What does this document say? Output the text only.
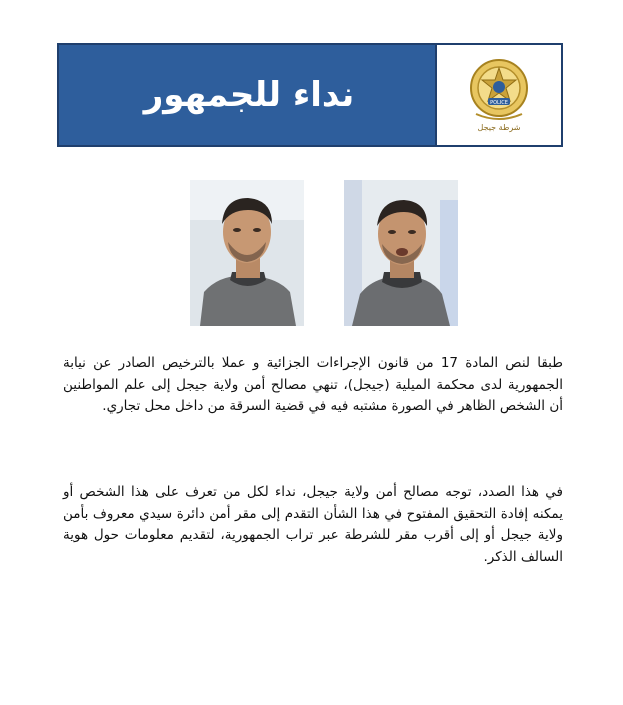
نداء للجمهور	POLICE
شرطة جيجل
طبقا لنص المادة 17 من قانون الإجراءات الجزائية و عملا بالترخيص الصادر عن نيابة الجمهورية لدى محكمة الميلية (جيجل)، تنهي مصالح أمن ولاية جيجل إلى علم المواطنين أن الشخص الظاهر في الصورة مشتبه فيه في قضية السرقة من داخل محل تجاري.
في هذا الصدد، توجه مصالح أمن ولاية جيجل، نداء لكل من تعرف على هذا الشخص أو يمكنه إفادة التحقيق المفتوح في هذا الشأن التقدم إلى مقر أمن دائرة سيدي معروف بأمن ولاية جيجل أو إلى أقرب مقر للشرطة عبر تراب الجمهورية، لتقديم معلومات حول هوية السالف الذكر.
